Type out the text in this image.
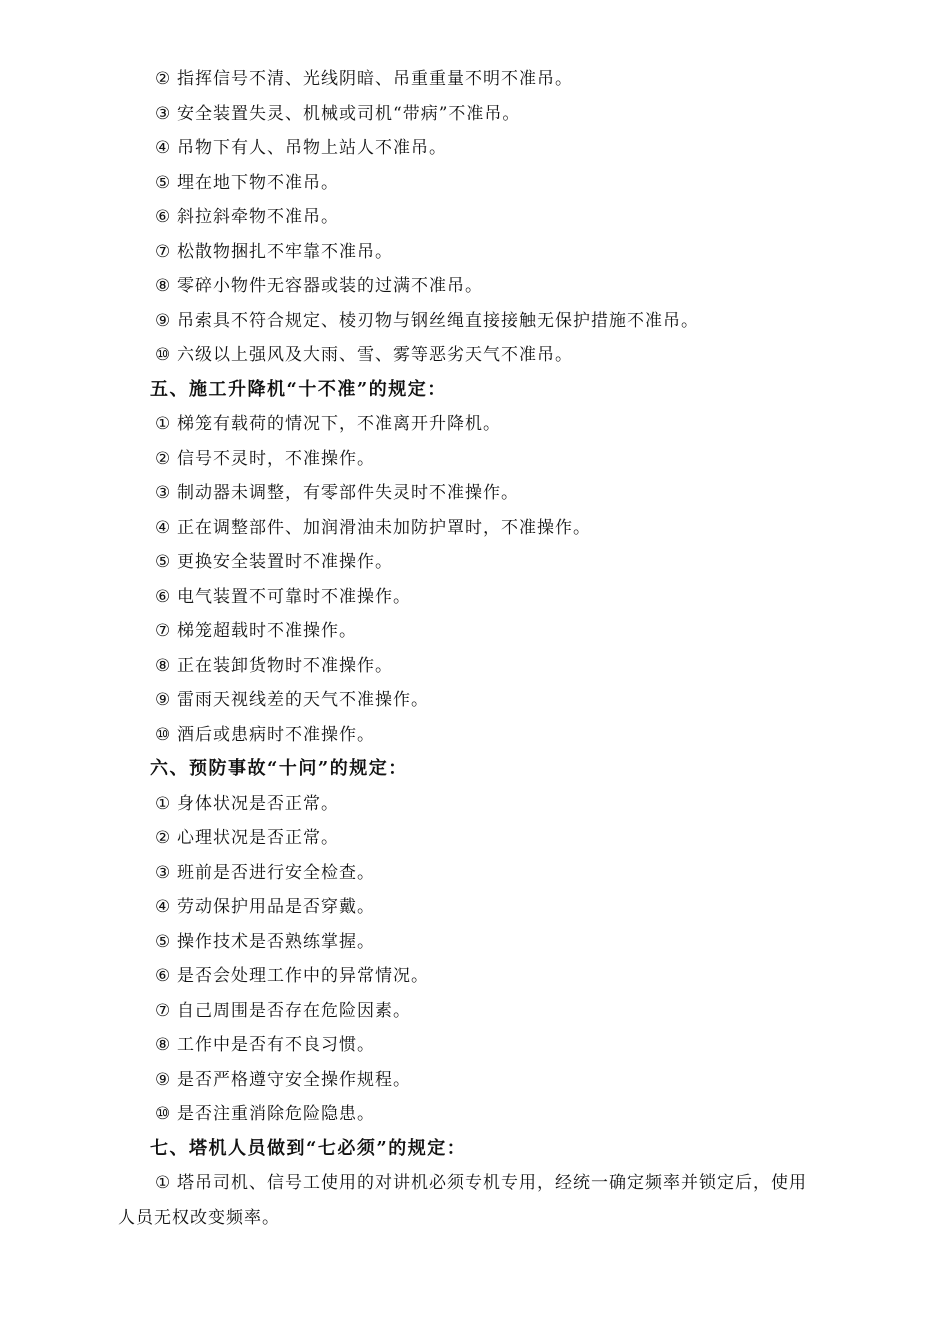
② 指挥信号不清、光线阴暗、吊重重量不明不准吊。
③ 安全装置失灵、机械或司机“带病”不准吊。
④ 吊物下有人、吊物上站人不准吊。
⑤ 埋在地下物不准吊。
⑥ 斜拉斜牵物不准吊。
⑦ 松散物捆扎不牢靠不准吊。
⑧ 零碎小物件无容器或装的过满不准吊。
⑨ 吊索具不符合规定、棱刃物与钢丝绳直接接触无保护措施不准吊。
⑩ 六级以上强风及大雨、雪、雾等恶劣天气不准吊。
五、施工升降机“十不准”的规定：
① 梯笼有载荷的情况下，不准离开升降机。
② 信号不灵时，不准操作。
③ 制动器未调整，有零部件失灵时不准操作。
④ 正在调整部件、加润滑油未加防护罩时，不准操作。
⑤ 更换安全装置时不准操作。
⑥ 电气装置不可靠时不准操作。
⑦ 梯笼超载时不准操作。
⑧ 正在装卸货物时不准操作。
⑨ 雷雨天视线差的天气不准操作。
⑩ 酒后或患病时不准操作。
六、预防事故“十问”的规定：
① 身体状况是否正常。
② 心理状况是否正常。
③ 班前是否进行安全检查。
④ 劳动保护用品是否穿戴。
⑤ 操作技术是否熟练掌握。
⑥ 是否会处理工作中的异常情况。
⑦ 自己周围是否存在危险因素。
⑧ 工作中是否有不良习惯。
⑨ 是否严格遵守安全操作规程。
⑩ 是否注重消除危险隐患。
七、塔机人员做到“七必须”的规定：
① 塔吊司机、信号工使用的对讲机必须专机专用，经统一确定频率并锁定后，使用
人员无权改变频率。
